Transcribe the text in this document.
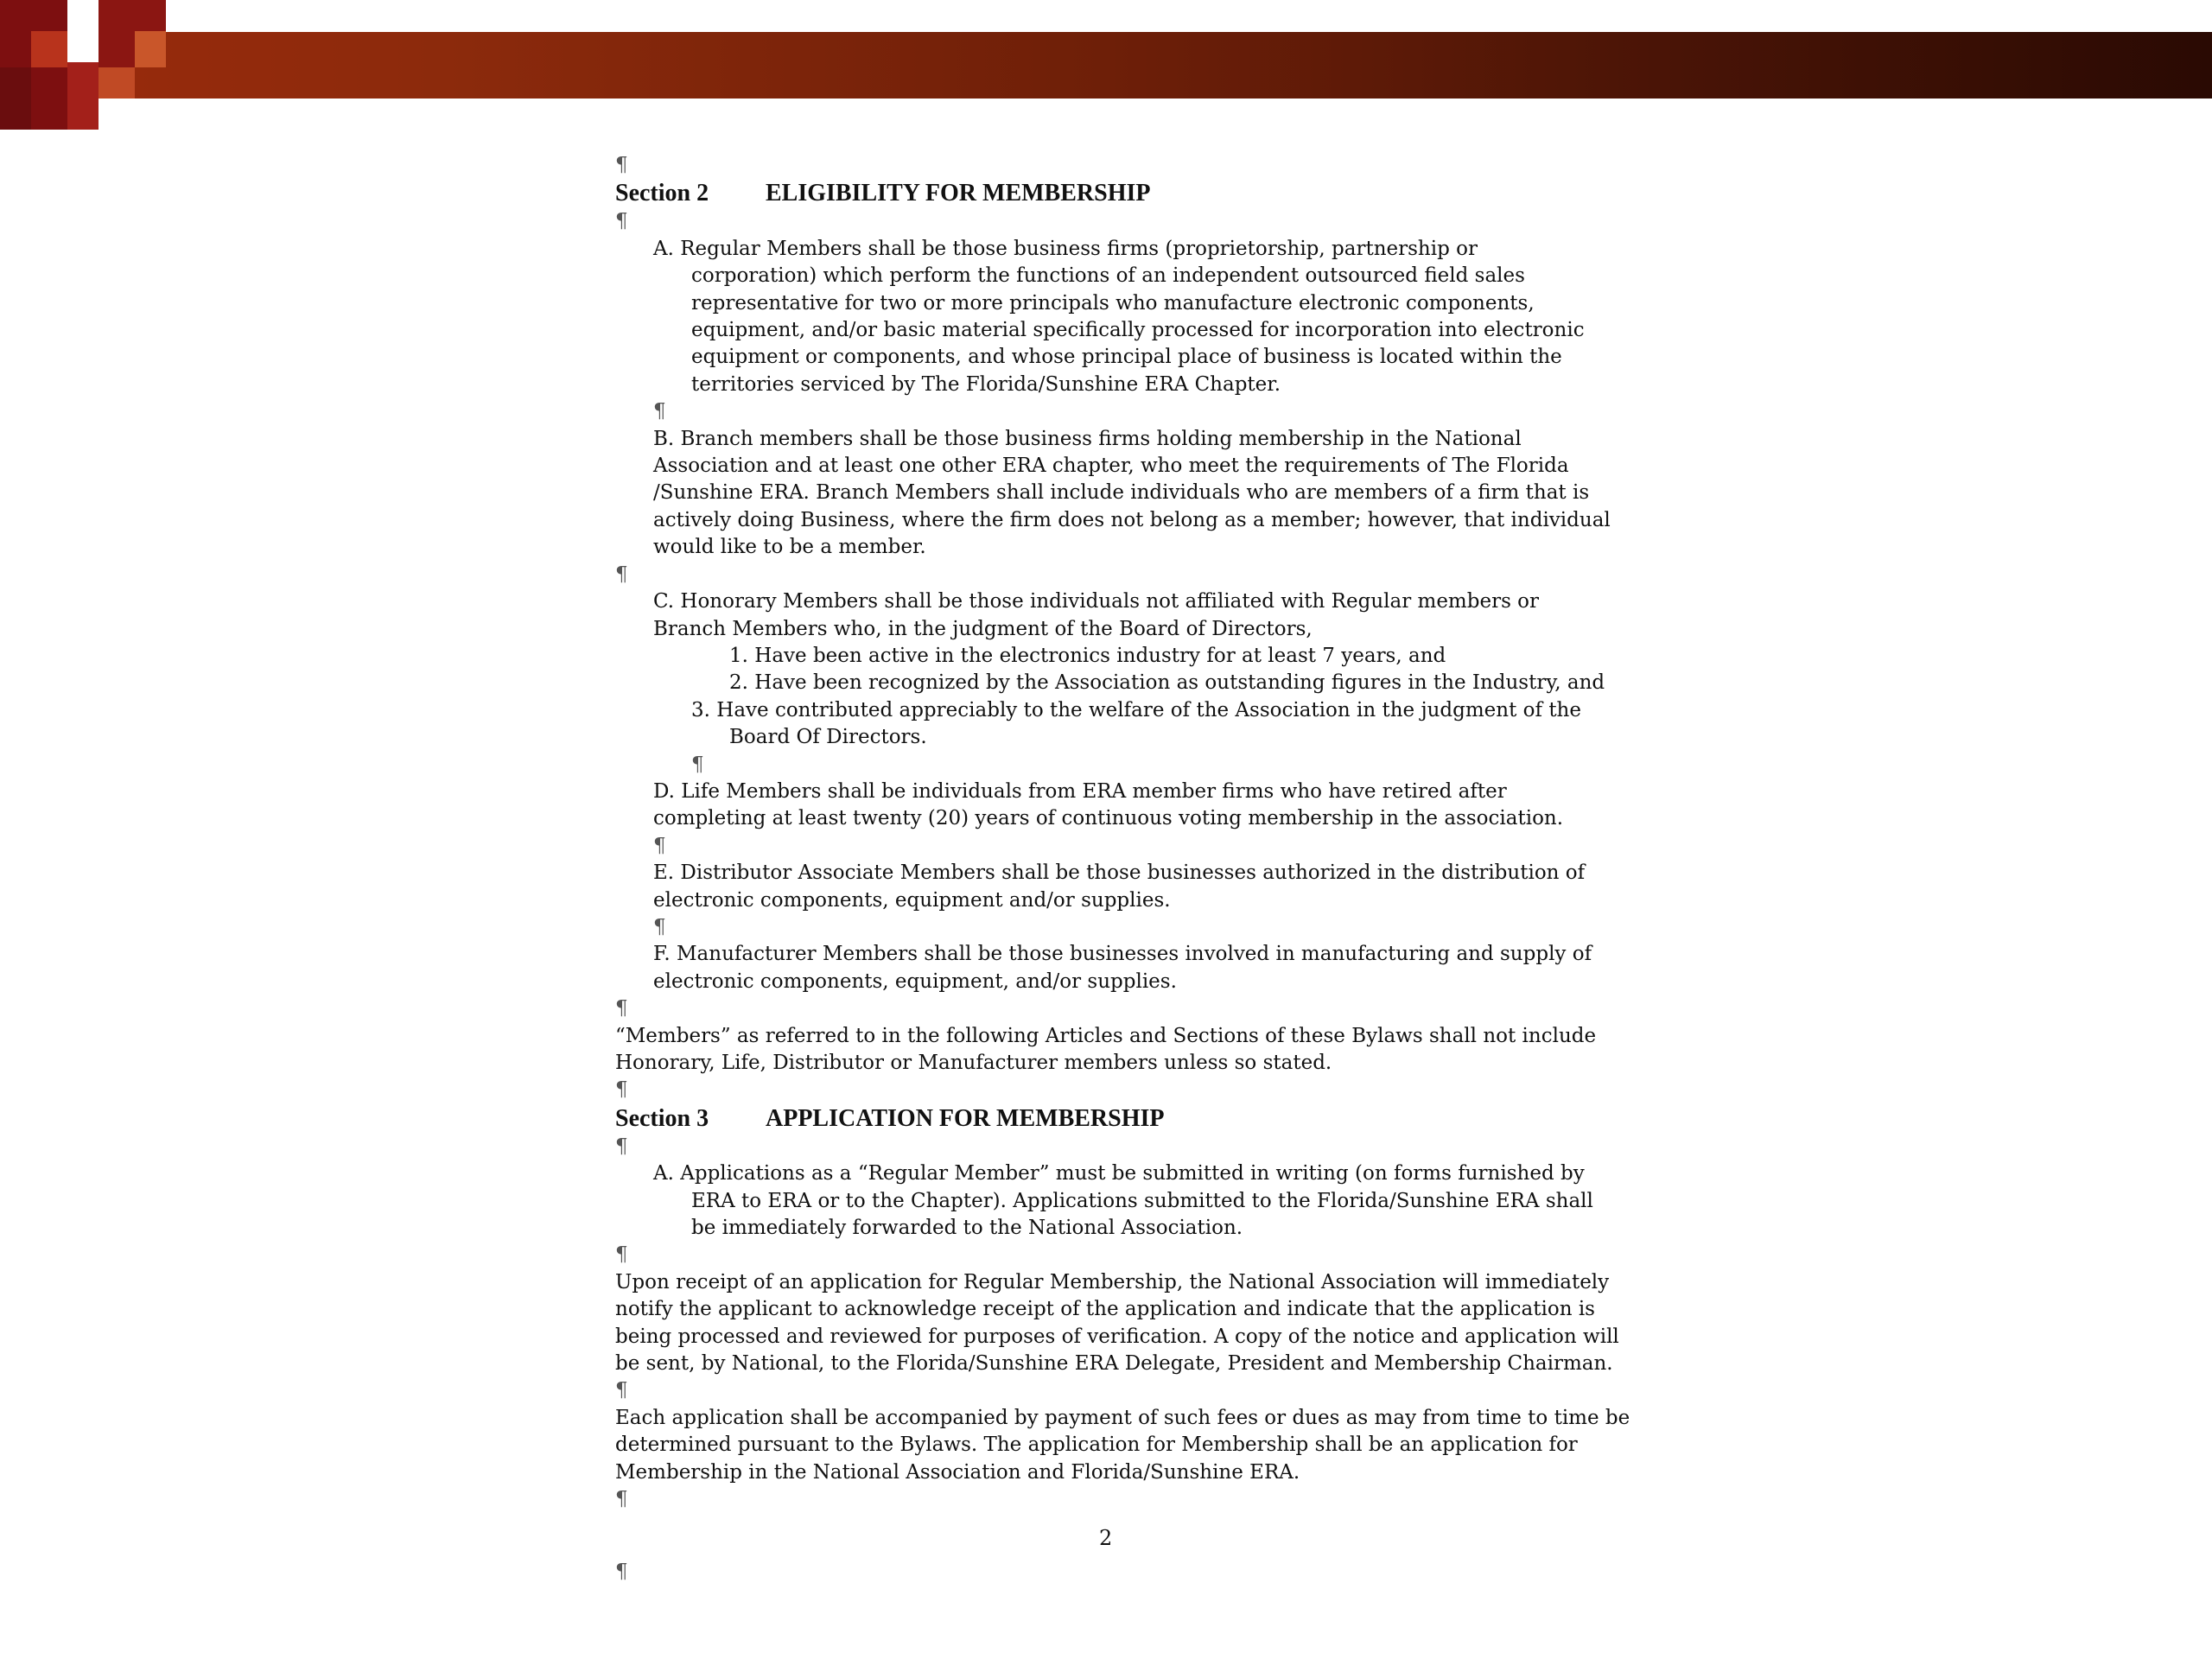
¶

Section 2 ELIGIBILITY FOR MEMBERSHIP

¶

A. Regular Members shall be those business firms (proprietorship, partnership or

corporation) which perform the functions of an independent outsourced field sales

representative for two or more principals who manufacture electronic components,

equipment, and/or basic material specifically processed for incorporation into electronic

equipment or components, and whose principal place of business is located within the

territories serviced by The Florida/Sunshine ERA Chapter.

¶

B. Branch members shall be those business firms holding membership in the National

Association and at least one other ERA chapter, who meet the requirements of The Florida

/Sunshine ERA. Branch Members shall include individuals who are members of a firm that is

actively doing Business, where the firm does not belong as a member; however, that individual

would like to be a member.

¶

C. Honorary Members shall be those individuals not affiliated with Regular members or

Branch Members who, in the judgment of the Board of Directors,

1. Have been active in the electronics industry for at least 7 years, and

2. Have been recognized by the Association as outstanding figures in the Industry, and

3. Have contributed appreciably to the welfare of the Association in the judgment of the

Board Of Directors.

¶

D. Life Members shall be individuals from ERA member firms who have retired after

completing at least twenty (20) years of continuous voting membership in the association.

¶

E. Distributor Associate Members shall be those businesses authorized in the distribution of

electronic components, equipment and/or supplies.

¶

F. Manufacturer Members shall be those businesses involved in manufacturing and supply of

electronic components, equipment, and/or supplies.

¶

“Members” as referred to in the following Articles and Sections of these Bylaws shall not include

Honorary, Life, Distributor or Manufacturer members unless so stated.

¶

Section 3 APPLICATION FOR MEMBERSHIP

¶

A. Applications as a “Regular Member” must be submitted in writing (on forms furnished by

ERA to ERA or to the Chapter). Applications submitted to the Florida/Sunshine ERA shall

be immediately forwarded to the National Association.

¶

Upon receipt of an application for Regular Membership, the National Association will immediately

notify the applicant to acknowledge receipt of the application and indicate that the application is

being processed and reviewed for purposes of verification. A copy of the notice and application will

be sent, by National, to the Florida/Sunshine ERA Delegate, President and Membership Chairman.

¶

Each application shall be accompanied by payment of such fees or dues as may from time to time be

determined pursuant to the Bylaws. The application for Membership shall be an application for

Membership in the National Association and Florida/Sunshine ERA.

¶

2
¶
